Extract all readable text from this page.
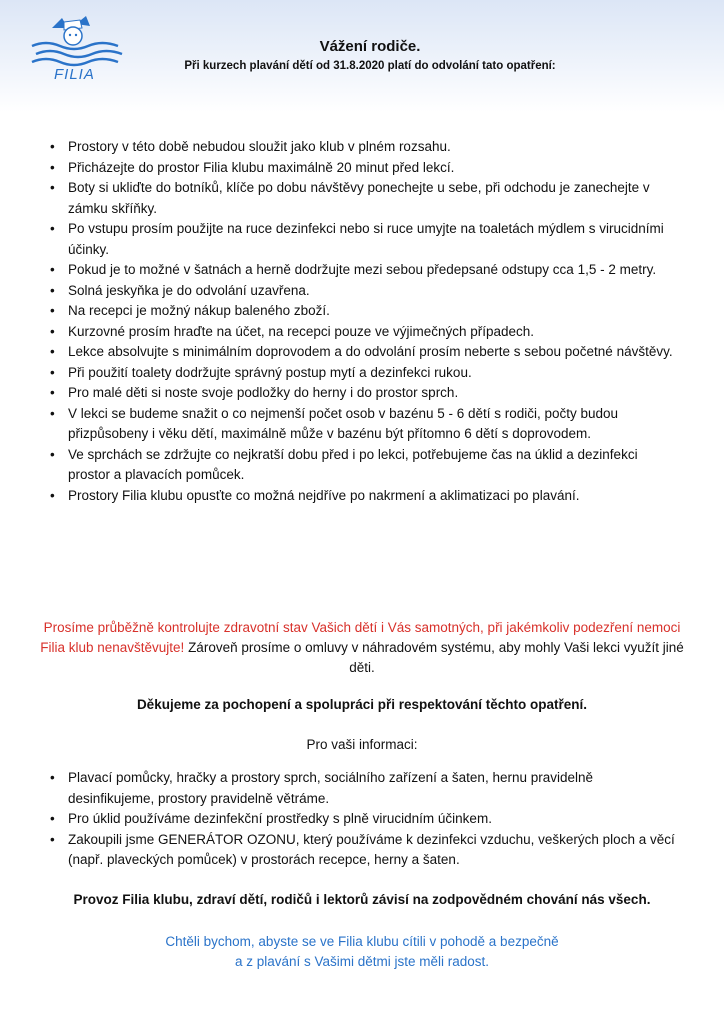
FILIA
Vážení rodiče.
Při kurzech plavání dětí od 31.8.2020 platí do odvolání tato opatření:
• Prostory v této době nebudou sloužit jako klub v plném rozsahu.
• Přicházejte do prostor Filia klubu maximálně 20 minut před lekcí.
• Boty si ukliďte do botníků, klíče po dobu návštěvy ponechejte u sebe, při odchodu je zanechejte v zámku skříňky.
• Po vstupu prosím použijte na ruce dezinfekci nebo si ruce umyjte na toaletách mýdlem s virucidními účinky.
• Pokud je to možné v šatnách a herně dodržujte mezi sebou předepsané odstupy cca 1,5 - 2 metry.
• Solná jeskyňka je do odvolání uzavřena.
• Na recepci je možný nákup baleného zboží.
• Kurzovné prosím hraďte na účet, na recepci pouze ve výjimečných případech.
• Lekce absolvujte s minimálním doprovodem a do odvolání prosím neberte s sebou početné návštěvy.
• Při použití toalety dodržujte správný postup mytí a dezinfekci rukou.
• Pro malé děti si noste svoje podložky do herny i do prostor sprch.
• V lekci se budeme snažit o co nejmenší počet osob v bazénu 5 - 6 dětí s rodiči, počty budou přizpůsobeny i věku dětí, maximálně může v bazénu být přítomno 6 dětí s doprovodem.
• Ve sprchách se zdržujte co nejkratší dobu před i po lekci, potřebujeme čas na úklid a dezinfekci prostor a plavacích pomůcek.
• Prostory Filia klubu opusťte co možná nejdříve po nakrmení a aklimatizaci po plavání.
Prosíme průběžně kontrolujte zdravotní stav Vašich dětí i Vás samotných, při jakémkoliv podezření nemoci Filia klub nenavštěvujte! Zároveň prosíme o omluvy v náhradovém systému, aby mohly Vaši lekci využít jiné děti.
Děkujeme za pochopení a spolupráci při respektování těchto opatření.
Pro vaši informaci:
• Plavací pomůcky, hračky a prostory sprch, sociálního zařízení a šaten, hernu pravidelně desinfikujeme, prostory pravidelně větráme.
• Pro úklid používáme dezinfekční prostředky s plně virucidním účinkem.
• Zakoupili jsme GENERÁTOR OZONU, který používáme k dezinfekci vzduchu, veškerých ploch a věcí (např. plaveckých pomůcek) v prostorách recepce, herny a šaten.
Provoz Filia klubu, zdraví dětí, rodičů i lektorů závisí na zodpovědném chování nás všech.
Chtěli bychom, abyste se ve Filia klubu cítili v pohodě a bezpečně
a z plavání s Vašimi dětmi jste měli radost.
